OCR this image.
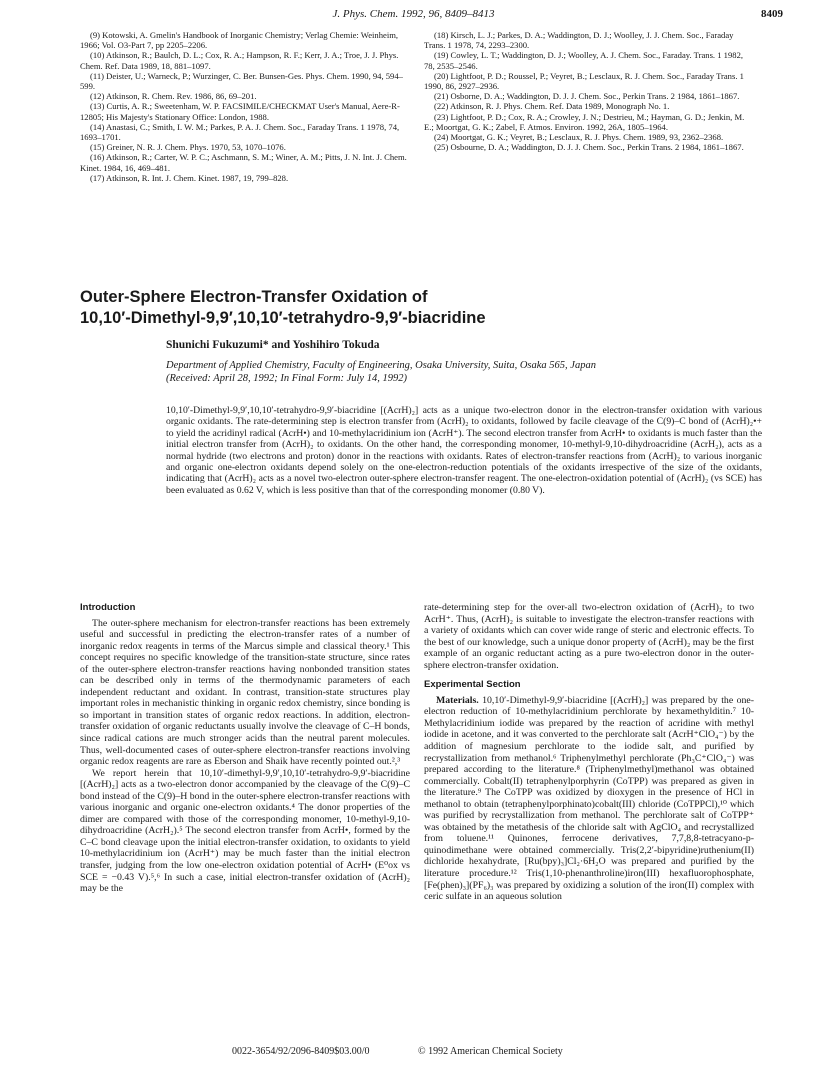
J. Phys. Chem. 1992, 96, 8409–8413	8409

(9) Kotowski, A. Gmelin's Handbook of Inorganic Chemistry; Verlag Chemie: Weinheim, 1966; Vol. O3-Part 7, pp 2205–2206.

(10) Atkinson, R.; Baulch, D. L.; Cox, R. A.; Hampson, R. F.; Kerr, J. A.; Troe, J. J. Phys. Chem. Ref. Data 1989, 18, 881–1097.

(11) Deister, U.; Warneck, P.; Wurzinger, C. Ber. Bunsen-Ges. Phys. Chem. 1990, 94, 594–599.

(12) Atkinson, R. Chem. Rev. 1986, 86, 69–201.

(13) Curtis, A. R.; Sweetenham, W. P. FACSIMILE/CHECKMAT User's Manual, Aere-R-12805; His Majesty's Stationary Office: London, 1988.

(14) Anastasi, C.; Smith, I. W. M.; Parkes, P. A. J. Chem. Soc., Faraday Trans. 1 1978, 74, 1693–1701.

(15) Greiner, N. R. J. Chem. Phys. 1970, 53, 1070–1076.

(16) Atkinson, R.; Carter, W. P. C.; Aschmann, S. M.; Winer, A. M.; Pitts, J. N. Int. J. Chem. Kinet. 1984, 16, 469–481.

(17) Atkinson, R. Int. J. Chem. Kinet. 1987, 19, 799–828.

(18) Kirsch, L. J.; Parkes, D. A.; Waddington, D. J.; Woolley, J. J. Chem. Soc., Faraday Trans. 1 1978, 74, 2293–2300.

(19) Cowley, L. T.; Waddington, D. J.; Woolley, A. J. Chem. Soc., Faraday. Trans. 1 1982, 78, 2535–2546.

(20) Lightfoot, P. D.; Roussel, P.; Veyret, B.; Lesclaux, R. J. Chem. Soc., Faraday Trans. 1 1990, 86, 2927–2936.

(21) Osborne, D. A.; Waddington, D. J. J. Chem. Soc., Perkin Trans. 2 1984, 1861–1867.

(22) Atkinson, R. J. Phys. Chem. Ref. Data 1989, Monograph No. 1.

(23) Lightfoot, P. D.; Cox, R. A.; Crowley, J. N.; Destrieu, M.; Hayman, G. D.; Jenkin, M. E.; Moortgat, G. K.; Zabel, F. Atmos. Environ. 1992, 26A, 1805–1964.

(24) Moortgat, G. K.; Veyret, B.; Lesclaux, R. J. Phys. Chem. 1989, 93, 2362–2368.

(25) Osbourne, D. A.; Waddington, D. J. J. Chem. Soc., Perkin Trans. 2 1984, 1861–1867.

Outer-Sphere Electron-Transfer Oxidation of
10,10′-Dimethyl-9,9′,10,10′-tetrahydro-9,9′-biacridine
Shunichi Fukuzumi* and Yoshihiro Tokuda
Department of Applied Chemistry, Faculty of Engineering, Osaka University, Suita, Osaka 565, Japan
(Received: April 28, 1992; In Final Form: July 14, 1992)
10,10′-Dimethyl-9,9′,10,10′-tetrahydro-9,9′-biacridine [(AcrH)₂] acts as a unique two-electron donor in the electron-transfer oxidation with various organic oxidants. The rate-determining step is electron transfer from (AcrH)₂ to oxidants, followed by facile cleavage of the C(9)–C bond of (AcrH)₂•+ to yield the acridinyl radical (AcrH•) and 10-methylacridinium ion (AcrH⁺). The second electron transfer from AcrH• to oxidants is much faster than the initial electron transfer from (AcrH)₂ to oxidants. On the other hand, the corresponding monomer, 10-methyl-9,10-dihydroacridine (AcrH₂), acts as a normal hydride (two electrons and proton) donor in the reactions with oxidants. Rates of electron-transfer reactions from (AcrH)₂ to various inorganic and organic one-electron oxidants depend solely on the one-electron-reduction potentials of the oxidants irrespective of the size of the oxidants, indicating that (AcrH)₂ acts as a novel two-electron outer-sphere electron-transfer reagent. The one-electron-oxidation potential of (AcrH)₂ (vs SCE) has been evaluated as 0.62 V, which is less positive than that of the corresponding monomer (0.80 V).
Introduction

The outer-sphere mechanism for electron-transfer reactions has been extremely useful and successful in predicting the electron-transfer rates of a number of inorganic redox reagents in terms of the Marcus simple and classical theory.¹ This concept requires no specific knowledge of the transition-state structure, since rates of the outer-sphere electron-transfer reactions having nonbonded transition states can be described only in terms of the thermodynamic parameters of each independent reductant and oxidant. In contrast, transition-state structures play important roles in mechanistic thinking in organic redox chemistry, since bonding is so important in transition states of organic redox reactions. In addition, electron-transfer oxidation of organic reductants usually involve the cleavage of C–H bonds, since radical cations are much stronger acids than the neutral parent molecules. Thus, well-documented cases of outer-sphere electron-transfer reactions involving organic redox reagents are rare as Eberson and Shaik have recently pointed out.²,³

We report herein that 10,10′-dimethyl-9,9′,10,10′-tetrahydro-9,9′-biacridine [(AcrH)₂] acts as a two-electron donor accompanied by the cleavage of the C(9)–C bond instead of the C(9)–H bond in the outer-sphere electron-transfer reactions with various inorganic and organic one-electron oxidants.⁴ The donor properties of the dimer are compared with those of the corresponding monomer, 10-methyl-9,10-dihydroacridine (AcrH₂).⁵ The second electron transfer from AcrH•, formed by the C–C bond cleavage upon the initial electron-transfer oxidation, to oxidants to yield 10-methylacridinium ion (AcrH⁺) may be much faster than the initial electron transfer, judging from the low one-electron oxidation potential of AcrH• (E⁰ox vs SCE = −0.43 V).⁵,⁶ In such a case, initial electron-transfer oxidation of (AcrH)₂ may be the

rate-determining step for the over-all two-electron oxidation of (AcrH)₂ to two AcrH⁺. Thus, (AcrH)₂ is suitable to investigate the electron-transfer reactions with a variety of oxidants which can cover wide range of steric and electronic effects. To the best of our knowledge, such a unique donor property of (AcrH)₂ may be the first example of an organic reductant acting as a pure two-electron donor in the outer-sphere electron-transfer oxidation.

Experimental Section

Materials. 10,10′-Dimethyl-9,9′-biacridine [(AcrH)₂] was prepared by the one-electron reduction of 10-methylacridinium perchlorate by hexamethylditin.⁷ 10-Methylacridinium iodide was prepared by the reaction of acridine with methyl iodide in acetone, and it was converted to the perchlorate salt (AcrH⁺ClO₄⁻) by the addition of magnesium perchlorate to the iodide salt, and purified by recrystallization from methanol.⁶ Triphenylmethyl perchlorate (Ph₃C⁺ClO₄⁻) was prepared according to the literature.⁸ (Triphenylmethyl)methanol was obtained commercially. Cobalt(II) tetraphenylporphyrin (CoTPP) was prepared as given in the literature.⁹ The CoTPP was oxidized by dioxygen in the presence of HCl in methanol to obtain (tetraphenylporphinato)cobalt(III) chloride (CoTPPCl),¹⁰ which was purified by recrystallization from methanol. The perchlorate salt of CoTPP⁺ was obtained by the metathesis of the chloride salt with AgClO₄ and recrystallized from toluene.¹¹ Quinones, ferrocene derivatives, 7,7,8,8-tetracyano-p-quinodimethane were obtained commercially. Tris(2,2′-bipyridine)ruthenium(II) dichloride hexahydrate, [Ru(bpy)₃]Cl₂·6H₂O was prepared and purified by the literature procedure.¹² Tris(1,10-phenanthroline)iron(III) hexafluorophosphate, [Fe(phen)₃](PF₆)₃ was prepared by oxidizing a solution of the iron(II) complex with ceric sulfate in an aqueous solution

0022-3654/92/2096-8409$03.00/0	© 1992 American Chemical Society
